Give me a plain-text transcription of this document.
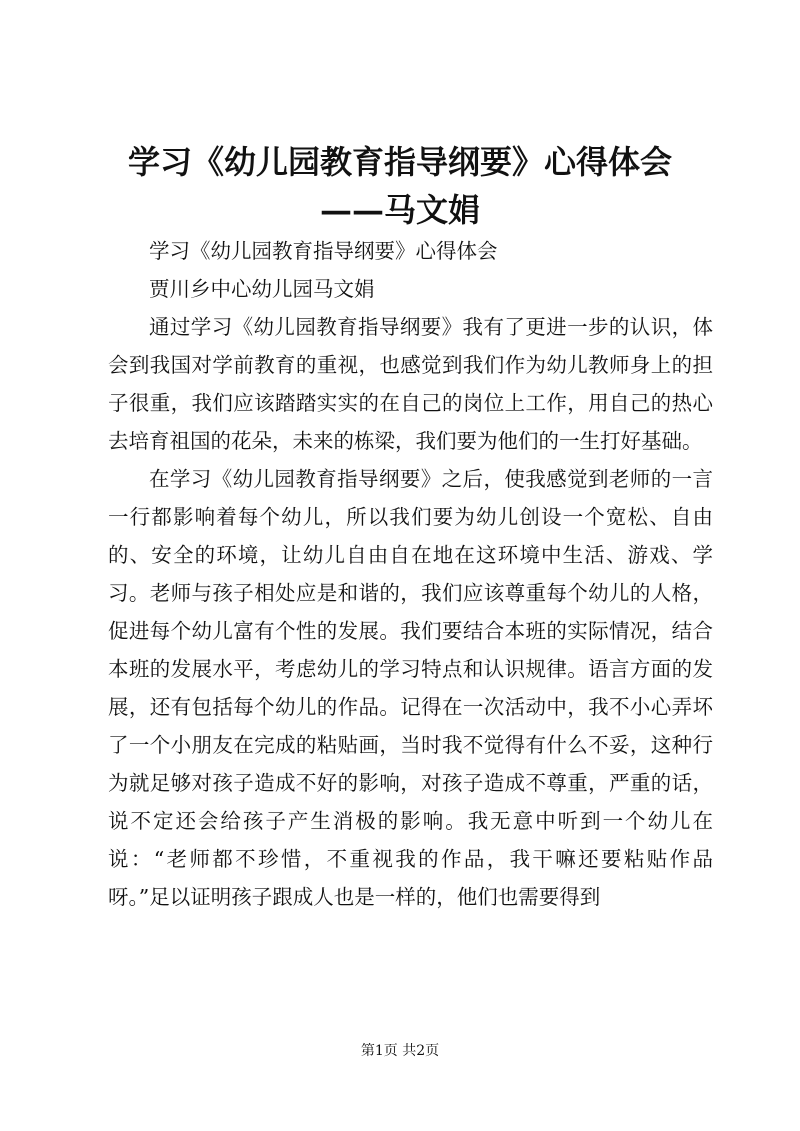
学习《幼儿园教育指导纲要》心得体会——马文娟

学习《幼儿园教育指导纲要》心得体会

贾川乡中心幼儿园马文娟

通过学习《幼儿园教育指导纲要》我有了更进一步的认识，体会到我国对学前教育的重视，也感觉到我们作为幼儿教师身上的担子很重，我们应该踏踏实实的在自己的岗位上工作，用自己的热心去培育祖国的花朵，未来的栋梁，我们要为他们的一生打好基础。

在学习《幼儿园教育指导纲要》之后，使我感觉到老师的一言一行都影响着每个幼儿，所以我们要为幼儿创设一个宽松、自由的、安全的环境，让幼儿自由自在地在这环境中生活、游戏、学习。老师与孩子相处应是和谐的，我们应该尊重每个幼儿的人格，促进每个幼儿富有个性的发展。我们要结合本班的实际情况，结合本班的发展水平，考虑幼儿的学习特点和认识规律。语言方面的发展，还有包括每个幼儿的作品。记得在一次活动中，我不小心弄坏了一个小朋友在完成的粘贴画，当时我不觉得有什么不妥，这种行为就足够对孩子造成不好的影响，对孩子造成不尊重，严重的话，说不定还会给孩子产生消极的影响。我无意中听到一个幼儿在说：“老师都不珍惜，不重视我的作品，我干嘛还要粘贴作品呀。”足以证明孩子跟成人也是一样的，他们也需要得到

第1页 共2页
